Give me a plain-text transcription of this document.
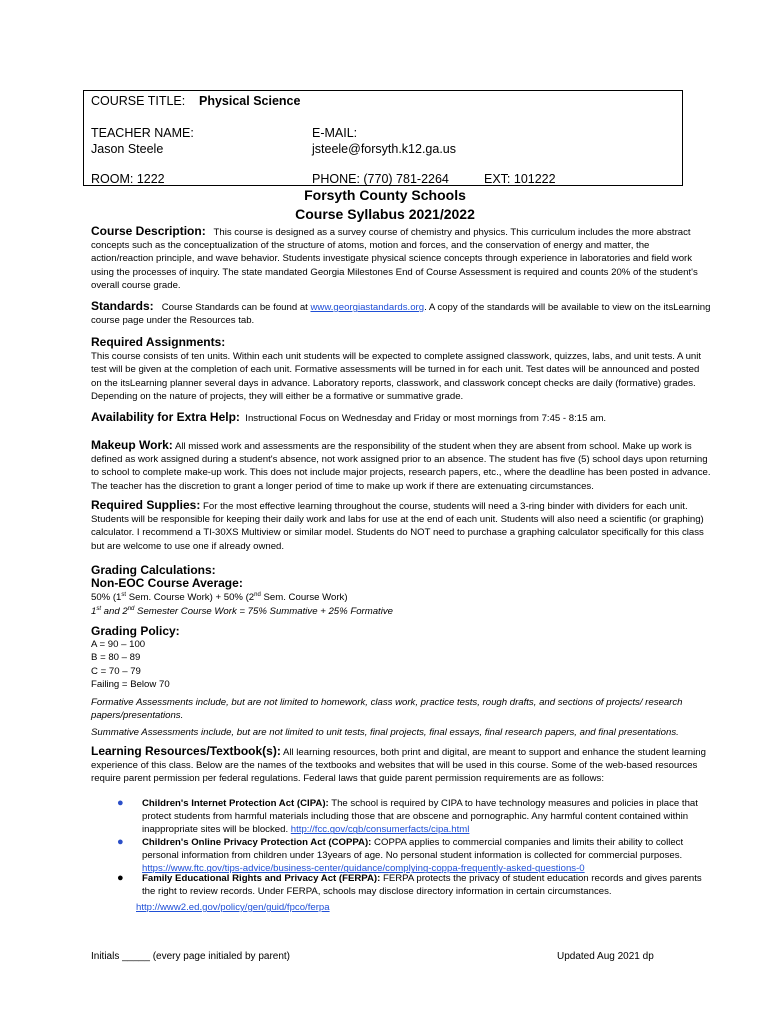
COURSE TITLE: Physical Science
TEACHER NAME:
Jason Steele
E-MAIL:
jsteele@forsyth.k12.ga.us
ROOM: 1222	PHONE: (770) 781-2264	EXT: 101222
Forsyth County Schools
Course Syllabus 2021/2022

Course Description: This course is designed as a survey course of chemistry and physics. This curriculum includes the more abstract concepts such as the conceptualization of the structure of atoms, motion and forces, and the conservation of energy and matter, the action/reaction principle, and wave behavior. Students investigate physical science concepts through experience in laboratories and field work using the processes of inquiry. The state mandated Georgia Milestones End of Course Assessment is required and counts 20% of the student's overall course grade.

Standards: Course Standards can be found at www.georgiastandards.org. A copy of the standards will be available to view on the itsLearning course page under the Resources tab.

Required Assignments:

This course consists of ten units. Within each unit students will be expected to complete assigned classwork, quizzes, labs, and unit tests. A unit test will be given at the completion of each unit. Formative assessments will be turned in for each unit. Test dates will be announced and posted on the itsLearning planner several days in advance. Laboratory reports, classwork, and classwork concept checks are daily (formative) grades. Depending on the nature of projects, they will either be a formative or summative grade.

Availability for Extra Help: Instructional Focus on Wednesday and Friday or most mornings from 7:45 - 8:15 am.

Makeup Work: All missed work and assessments are the responsibility of the student when they are absent from school. Make up work is defined as work assigned during a student's absence, not work assigned prior to an absence. The student has five (5) school days upon returning to school to complete make-up work. This does not include major projects, research papers, etc., where the deadline has been posted in advance. The teacher has the discretion to grant a longer period of time to make up work if there are extenuating circumstances.

Required Supplies: For the most effective learning throughout the course, students will need a 3-ring binder with dividers for each unit. Students will be responsible for keeping their daily work and labs for use at the end of each unit. Students will also need a scientific (or graphing) calculator. I recommend a TI-30XS Multiview or similar model. Students do NOT need to purchase a graphing calculator specifically for this class but are welcome to use one if already owned.

Grading Calculations:

Non-EOC Course Average:

50% (1st Sem. Course Work) + 50% (2nd Sem. Course Work)

1st and 2nd Semester Course Work = 75% Summative + 25% Formative

Grading Policy:

A = 90 – 100

B = 80 – 89

C = 70 – 79

Failing = Below 70

Formative Assessments include, but are not limited to homework, class work, practice tests, rough drafts, and sections of projects/ research papers/presentations.
Summative Assessments include, but are not limited to unit tests, final projects, final essays, final research papers, and final presentations.

Learning Resources/Textbook(s): All learning resources, both print and digital, are meant to support and enhance the student learning experience of this class. Below are the names of the textbooks and websites that will be used in this course. Some of the web-based resources require parent permission per federal regulations. Federal laws that guide parent permission requirements are as follows:

● Children's Internet Protection Act (CIPA): The school is required by CIPA to have technology measures and policies in place that protect students from harmful materials including those that are obscene and pornographic. Any harmful content contained within inappropriate sites will be blocked. http://fcc.gov/cgb/consumerfacts/cipa.html
● Children's Online Privacy Protection Act (COPPA): COPPA applies to commercial companies and limits their ability to collect personal information from children under 13years of age. No personal student information is collected for commercial purposes. https://www.ftc.gov/tips-advice/business-center/guidance/complying-coppa-frequently-asked-questions-0
● Family Educational Rights and Privacy Act (FERPA): FERPA protects the privacy of student education records and gives parents the right to review records. Under FERPA, schools may disclose directory information in certain circumstances.
http://www2.ed.gov/policy/gen/guid/fpco/ferpa
Initials _____ (every page initialed by parent)	Updated Aug 2021 dp
